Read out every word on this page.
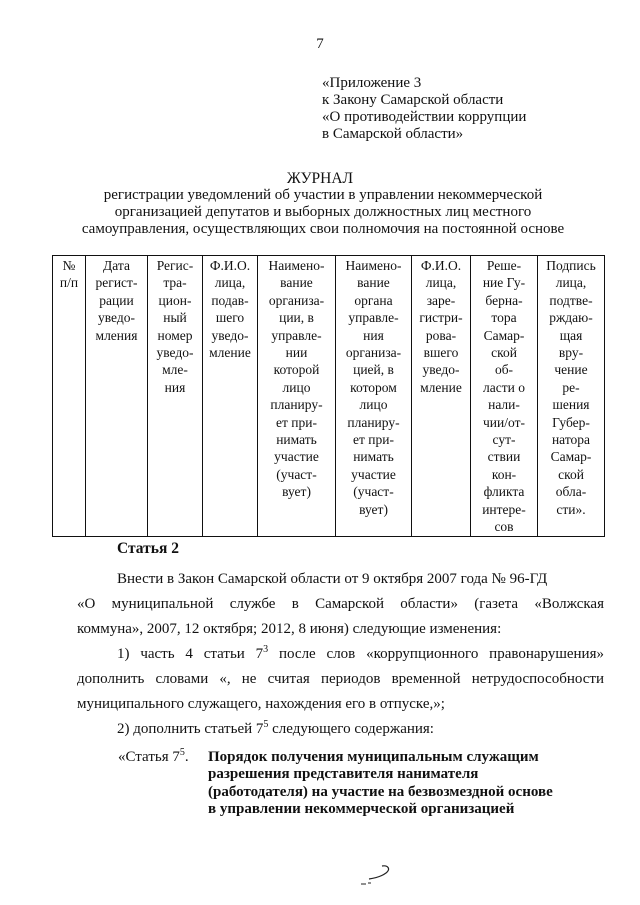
7
«Приложение 3
к Закону Самарской области
«О противодействии коррупции
в Самарской области»
ЖУРНАЛ
регистрации уведомлений об участии в управлении некоммерческой
организацией депутатов и выборных должностных лиц местного
самоуправления, осуществляющих свои полномочия на постоянной основе
№
п/п

Дата
регист-
рации
уведо-
мления

Регис-
тра-
цион-
ный
номер
уведо-
мле-
ния

Ф.И.О.
лица,
подав-
шего
уведо-
мление

Наимено-
вание
организа-
ции, в
управле-
нии
которой
лицо
планиру-
ет при-
нимать
участие
(участ-
вует)

Наимено-
вание
органа
управле-
ния
организа-
цией, в
котором
лицо
планиру-
ет при-
нимать
участие
(участ-
вует)

Ф.И.О.
лица,
заре-
гистри-
рова-
вшего
уведо-
мление

Реше-
ние Гу-
берна-
тора
Самар-
ской
об-
ласти о
нали-
чии/от-
сут-
ствии
кон-
фликта
интере-
сов

Подпись
лица,
подтве-
рждаю-
щая
вру-
чение
ре-
шения
Губер-
натора
Самар-
ской
обла-
сти».
Статья 2
Внести в Закон Самарской области от 9 октября 2007 года № 96-ГД
«О муниципальной службе в Самарской области» (газета «Волжская
коммуна», 2007, 12 октября; 2012, 8 июня) следующие изменения:
1) часть 4 статьи $7^3$ после слов «коррупционного правонарушения»
дополнить словами «, не считая периодов временной нетрудоспособности
муниципального служащего, нахождения его в отпуске,»;
2) дополнить статьей $7^5$ следующего содержания:
«Статья $7^5$. Порядок получения муниципальным служащим
разрешения представителя нанимателя
(работодателя) на участие на безвозмездной основе
в управлении некоммерческой организацией
